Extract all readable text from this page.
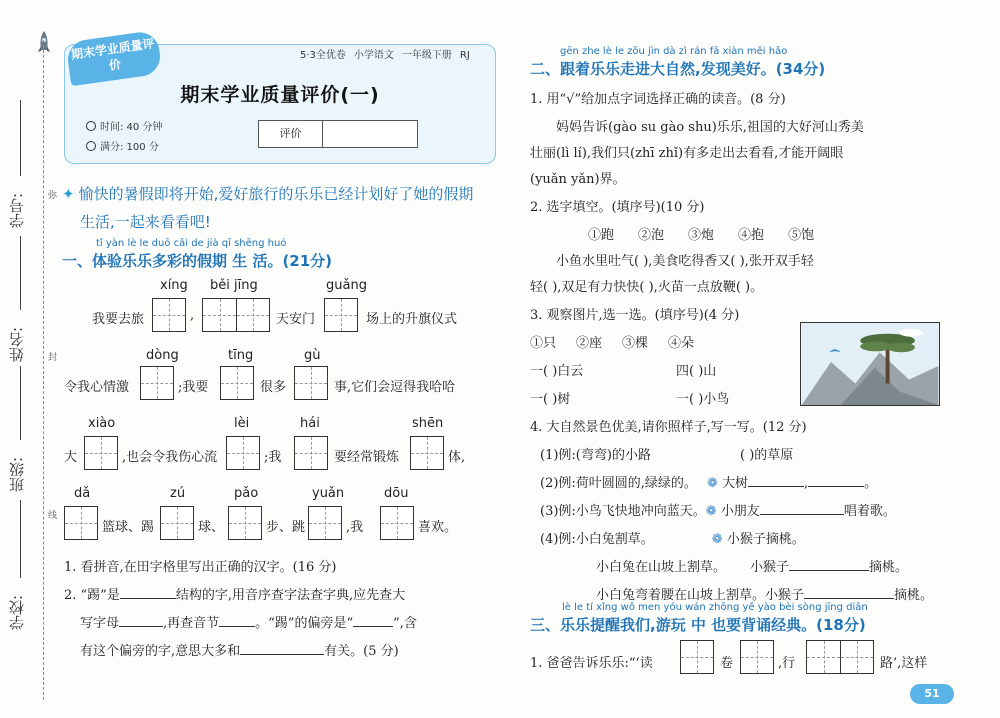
弥
封
线
学号:
姓名:
班级:
学校:
期末学业质量评价
5·3全优卷 小学语文 一年级下册 RJ
期末学业质量评价(一)
时间: 40 分钟
满分: 100 分
评价
✦ 愉快的暑假即将开始,爱好旅行的乐乐已经计划好了她的假期
生活,一起来看看吧!
tǐ yàn lè le duō cǎi de jià qī shēng huó
一、体验乐乐多彩的假期 生 活。(21分)
xíng běi jīng	guǎng
我要去旅	,	天安门	场上的升旗仪式
dòng	tīng	gù
令我心情激	;我要	很多	事,它们会逗得我哈哈
xiào	lèi	hái	shēn
大	,也会令我伤心流	;我	要经常锻炼	体,
dǎ	zú	pǎo	yuǎn	dōu
篮球、踢	球、	步、跳	,我	喜欢。
1. 看拼音,在田字格里写出正确的汉字。(16 分)
2. “踢”是	结构的字,用音序查字法查字典,应先查大
写字母	,再查音节	。“踢”的偏旁是“	”,含
有这个偏旁的字,意思大多和	有关。(5 分)
gēn zhe lè le zǒu jìn dà zì rán fā xiàn měi hǎo
二、跟着乐乐走进大自然,发现美好。(34分)
1. 用“√”给加点字词选择正确的读音。(8 分)
妈妈告诉(gào su gào shu)乐乐,祖国的大好河山秀美
壮丽(lì lí),我们只(zhī zhǐ)有多走出去看看,才能开阔眼
(yuǎn yǎn)界。
2. 选字填空。(填序号)(10 分)
①跑 ②泡 ③炮 ④抱 ⑤饱
小鱼水里吐气( ),美食吃得香又( ),张开双手轻
轻( ),双足有力快快( ),火苗一点放鞭( )。
3. 观察图片,选一选。(填序号)(4 分)
①只 ②座 ③棵 ④朵
一( )白云	四( )山
一( )树	一( )小鸟
4. 大自然景色优美,请你照样子,写一写。(12 分)
(1)例:(弯弯)的小路	( )的草原
(2)例:荷叶圆圆的,绿绿的。 ❁ 大树	,	。
(3)例:小鸟飞快地冲向蓝天。❁ 小朋友	唱着歌。
(4)例:小白兔割草。	❁ 小猴子摘桃。
小白兔在山坡上割草。 小猴子	摘桃。
小白兔弯着腰在山坡上割草。小猴子	摘桃。
lè le tí xǐng wǒ men yóu wán zhōng yě yào bèi sòng jīng diǎn
三、乐乐提醒我们,游玩 中 也要背诵经典。(18分)
1. 爸爸告诉乐乐:“‘读	卷	,行	路’,这样
51
